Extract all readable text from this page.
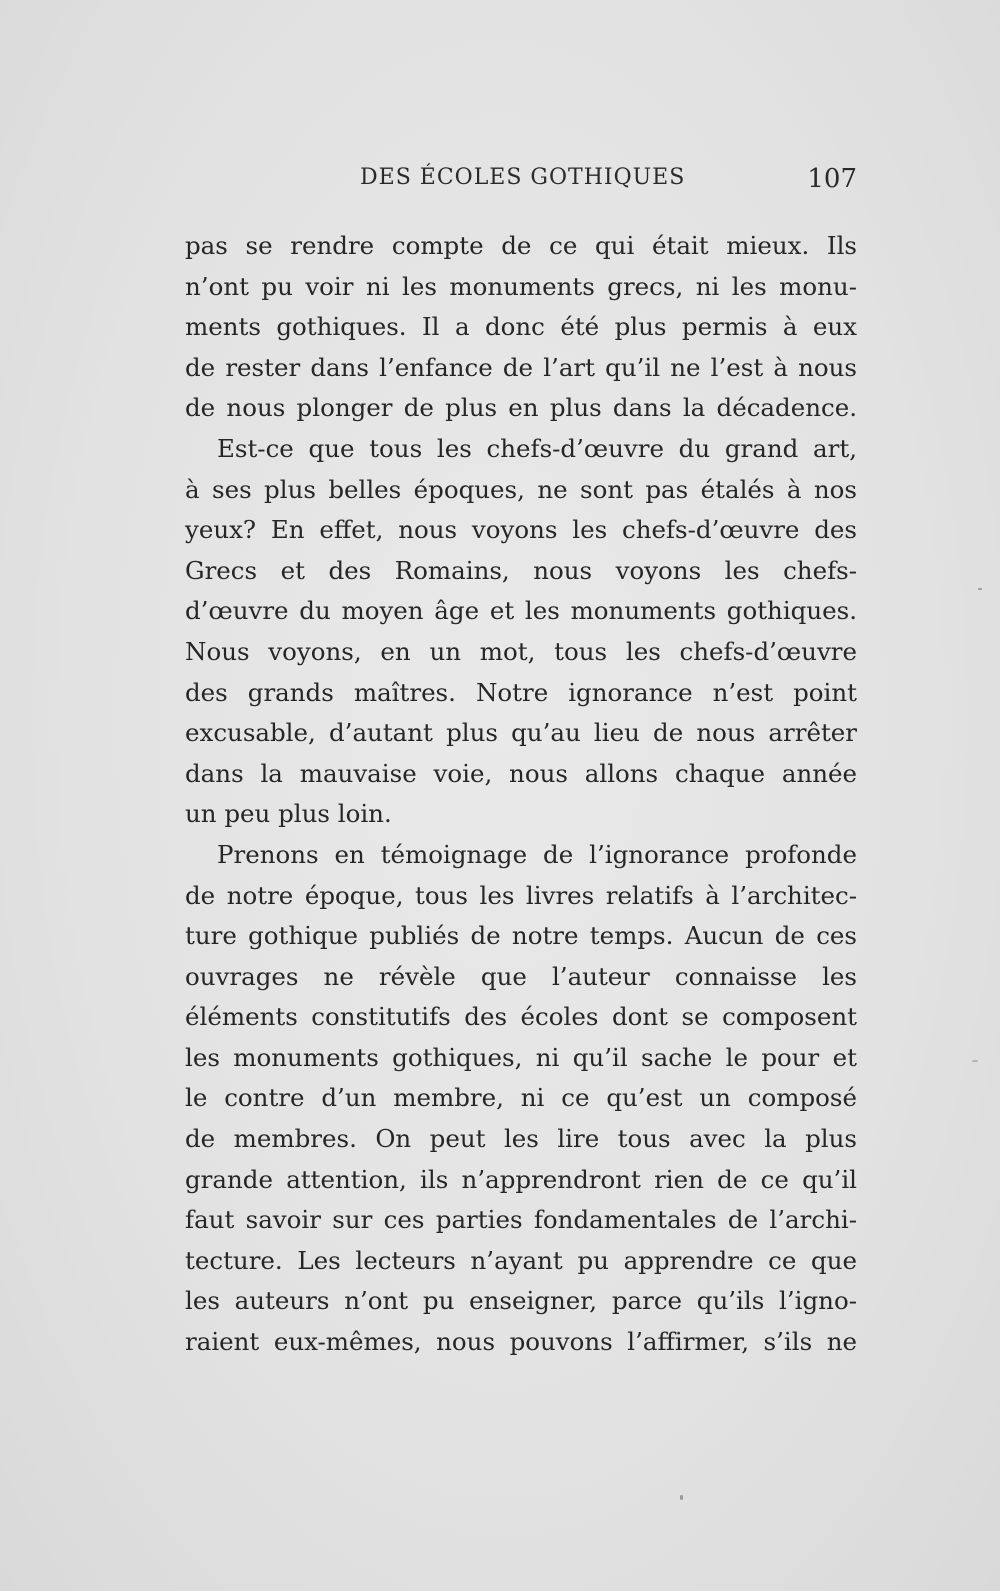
DES ÉCOLES GOTHIQUES	107
pas se rendre compte de ce qui était mieux. Ils
n’ont pu voir ni les monuments grecs, ni les monu-
ments gothiques. Il a donc été plus permis à eux
de rester dans l’enfance de l’art qu’il ne l’est à nous
de nous plonger de plus en plus dans la décadence.
Est-ce que tous les chefs-d’œuvre du grand art,
à ses plus belles époques, ne sont pas étalés à nos
yeux? En effet, nous voyons les chefs-d’œuvre des
Grecs et des Romains, nous voyons les chefs-
d’œuvre du moyen âge et les monuments gothiques.
Nous voyons, en un mot, tous les chefs-d’œuvre
des grands maîtres. Notre ignorance n’est point
excusable, d’autant plus qu’au lieu de nous arrêter
dans la mauvaise voie, nous allons chaque année
un peu plus loin.
Prenons en témoignage de l’ignorance profonde
de notre époque, tous les livres relatifs à l’architec-
ture gothique publiés de notre temps. Aucun de ces
ouvrages ne révèle que l’auteur connaisse les
éléments constitutifs des écoles dont se composent
les monuments gothiques, ni qu’il sache le pour et
le contre d’un membre, ni ce qu’est un composé
de membres. On peut les lire tous avec la plus
grande attention, ils n’apprendront rien de ce qu’il
faut savoir sur ces parties fondamentales de l’archi-
tecture. Les lecteurs n’ayant pu apprendre ce que
les auteurs n’ont pu enseigner, parce qu’ils l’igno-
raient eux-mêmes, nous pouvons l’affirmer, s’ils ne
